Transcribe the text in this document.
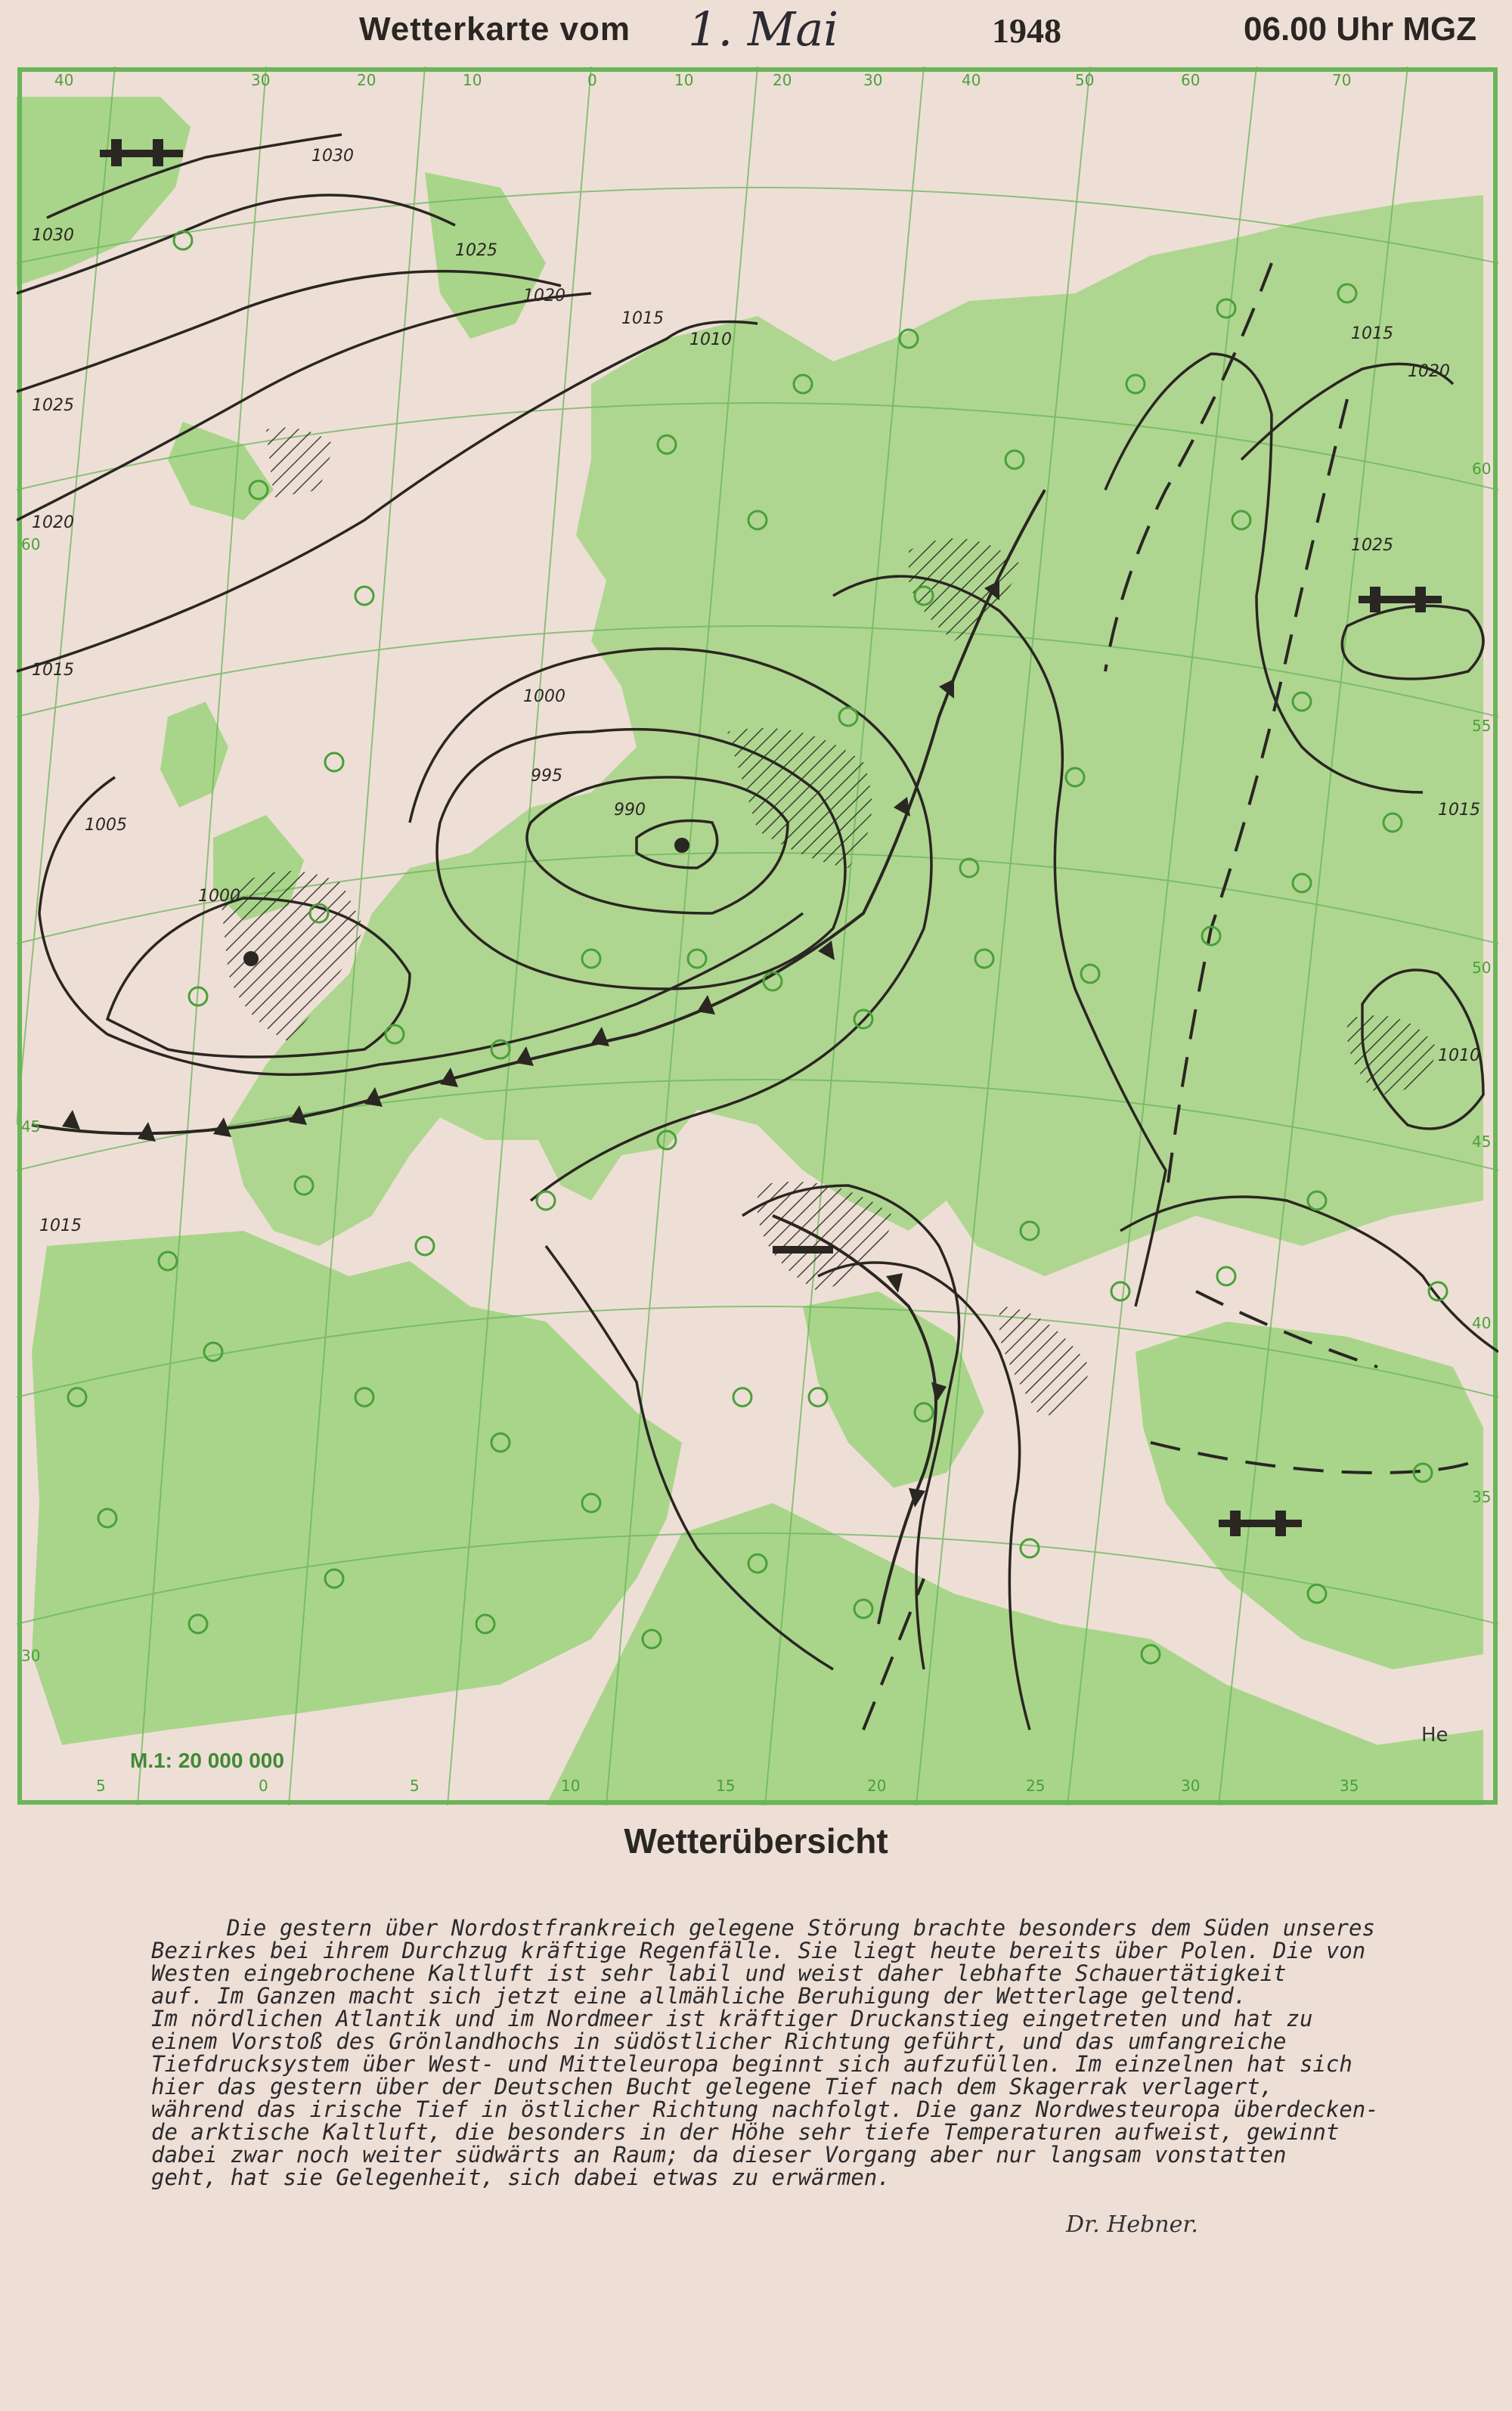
Wetterkarte vom 1. Mai	1948	06.00 Uhr MGZ
1030
1030
1025
1020
1015
1010
1025
1020
1015
1005
1000
995
990
1000
1015
1015
1020
1025
1010
1015
40	30	20	10	0	10	20	30	40	50	60	70
5	0	5	10	15	20	25	30	35
60
55
50
45
40
35
60
45
30
M.1: 20 000 000
He
Wetterübersicht

Die gestern über Nordostfrankreich gelegene Störung brachte besonders dem Süden unseres

Bezirkes bei ihrem Durchzug kräftige Regenfälle. Sie liegt heute bereits über Polen. Die von

Westen eingebrochene Kaltluft ist sehr labil und weist daher lebhafte Schauertätigkeit

auf. Im Ganzen macht sich jetzt eine allmähliche Beruhigung der Wetterlage geltend.

Im nördlichen Atlantik und im Nordmeer ist kräftiger Druckanstieg eingetreten und hat zu

einem Vorstoß des Grönlandhochs in südöstlicher Richtung geführt, und das umfangreiche

Tiefdrucksystem über West- und Mitteleuropa beginnt sich aufzufüllen. Im einzelnen hat sich

hier das gestern über der Deutschen Bucht gelegene Tief nach dem Skagerrak verlagert,

während das irische Tief in östlicher Richtung nachfolgt. Die ganz Nordwesteuropa überdecken-

de arktische Kaltluft, die besonders in der Höhe sehr tiefe Temperaturen aufweist, gewinnt

dabei zwar noch weiter südwärts an Raum; da dieser Vorgang aber nur langsam vonstatten

geht, hat sie Gelegenheit, sich dabei etwas zu erwärmen.

Dr. Hebner.
